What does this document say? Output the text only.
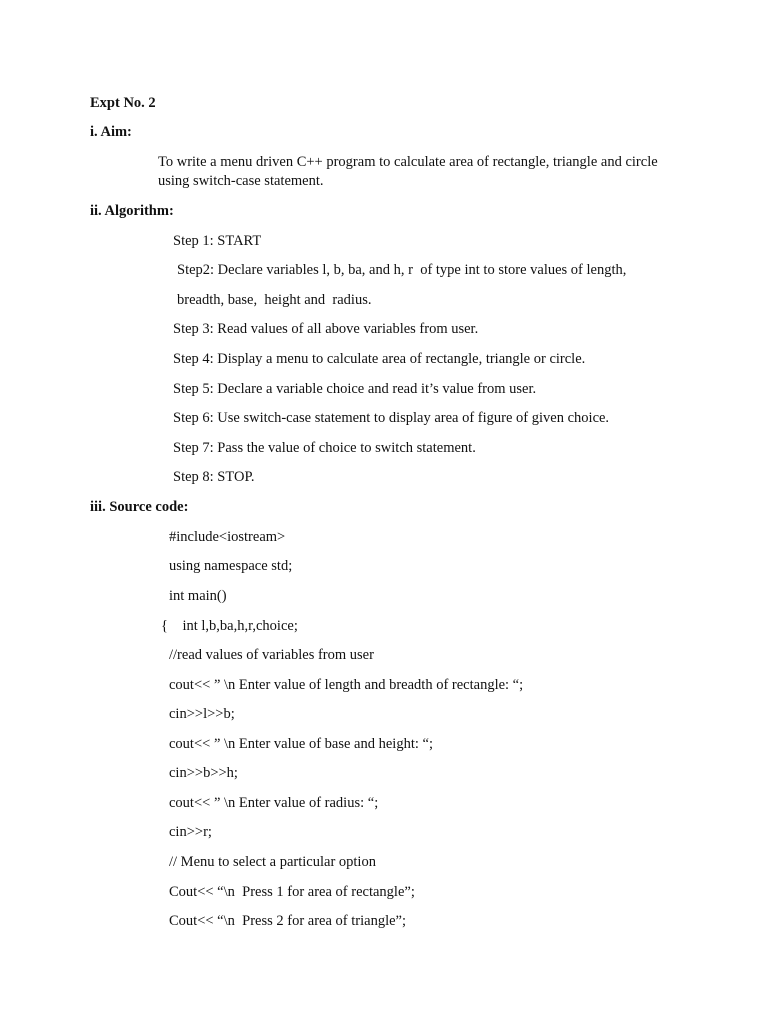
Expt No. 2
i. Aim:
To write a menu driven C++ program to calculate area of rectangle, triangle and circle
using switch-case statement.
ii. Algorithm:
Step 1: START
Step2: Declare variables l, b, ba, and h, r  of type int to store values of length,
breadth, base,  height and  radius.
Step 3: Read values of all above variables from user.
Step 4: Display a menu to calculate area of rectangle, triangle or circle.
Step 5: Declare a variable choice and read it’s value from user.
Step 6: Use switch-case statement to display area of figure of given choice.
Step 7: Pass the value of choice to switch statement.
Step 8: STOP.
iii. Source code:
#include<iostream>
using namespace std;
int main()
{    int l,b,ba,h,r,choice;
//read values of variables from user
cout<< ” \n Enter value of length and breadth of rectangle: “;
cin>>l>>b;
cout<< ” \n Enter value of base and height: “;
cin>>b>>h;
cout<< ” \n Enter value of radius: “;
cin>>r;
// Menu to select a particular option
Cout<< “\n  Press 1 for area of rectangle”;
Cout<< “\n  Press 2 for area of triangle”;
